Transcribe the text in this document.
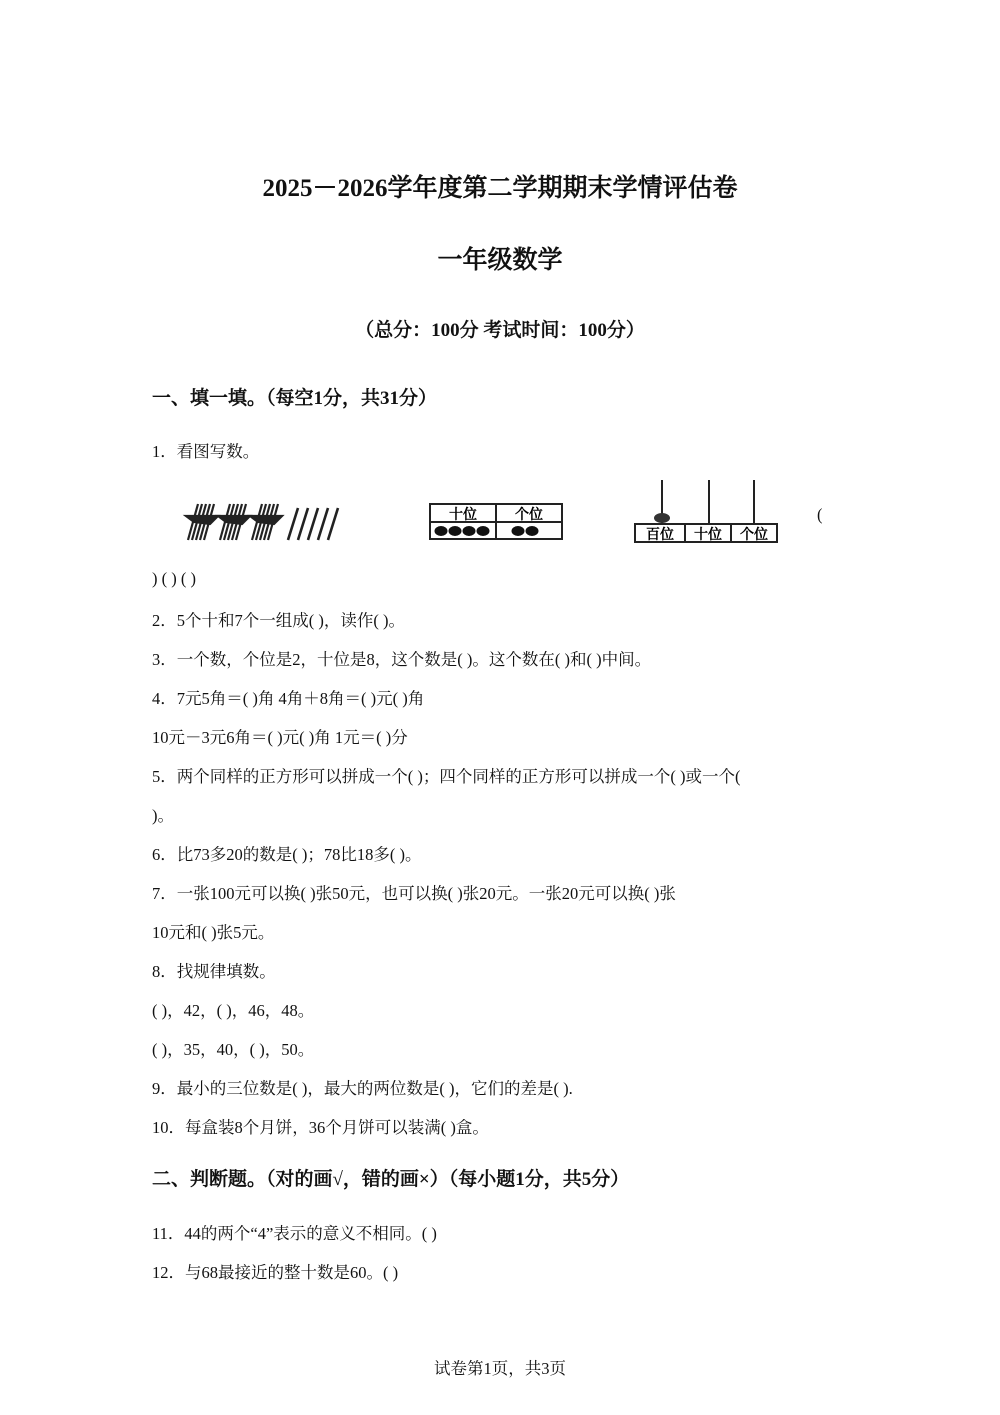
2025－2026学年度第二学期期末学情评估卷
一年级数学
（总分：100分 考试时间：100分）
一、填一填。（每空1分，共31分）
1．看图写数。
十位	个位
百位 十位 个位
(
) ( ) ( )
2．5个十和7个一组成( )，读作( )。
3．一个数，个位是2，十位是8，这个数是( )。这个数在( )和( )中间。
4．7元5角＝( )角 4角＋8角＝( )元( )角
10元－3元6角＝( )元( )角 1元＝( )分
5．两个同样的正方形可以拼成一个( )；四个同样的正方形可以拼成一个( )或一个(
)。
6．比73多20的数是( )；78比18多( )。
7．一张100元可以换( )张50元，也可以换( )张20元。一张20元可以换( )张
10元和( )张5元。
8．找规律填数。
( )，42，( )，46，48。
( )，35，40，( )，50。
9．最小的三位数是( )，最大的两位数是( )，它们的差是( ).
10．每盒装8个月饼，36个月饼可以装满( )盒。
二、判断题。（对的画√，错的画×）（每小题1分，共5分）
11．44的两个“4”表示的意义不相同。( )
12．与68最接近的整十数是60。( )
试卷第1页，共3页
